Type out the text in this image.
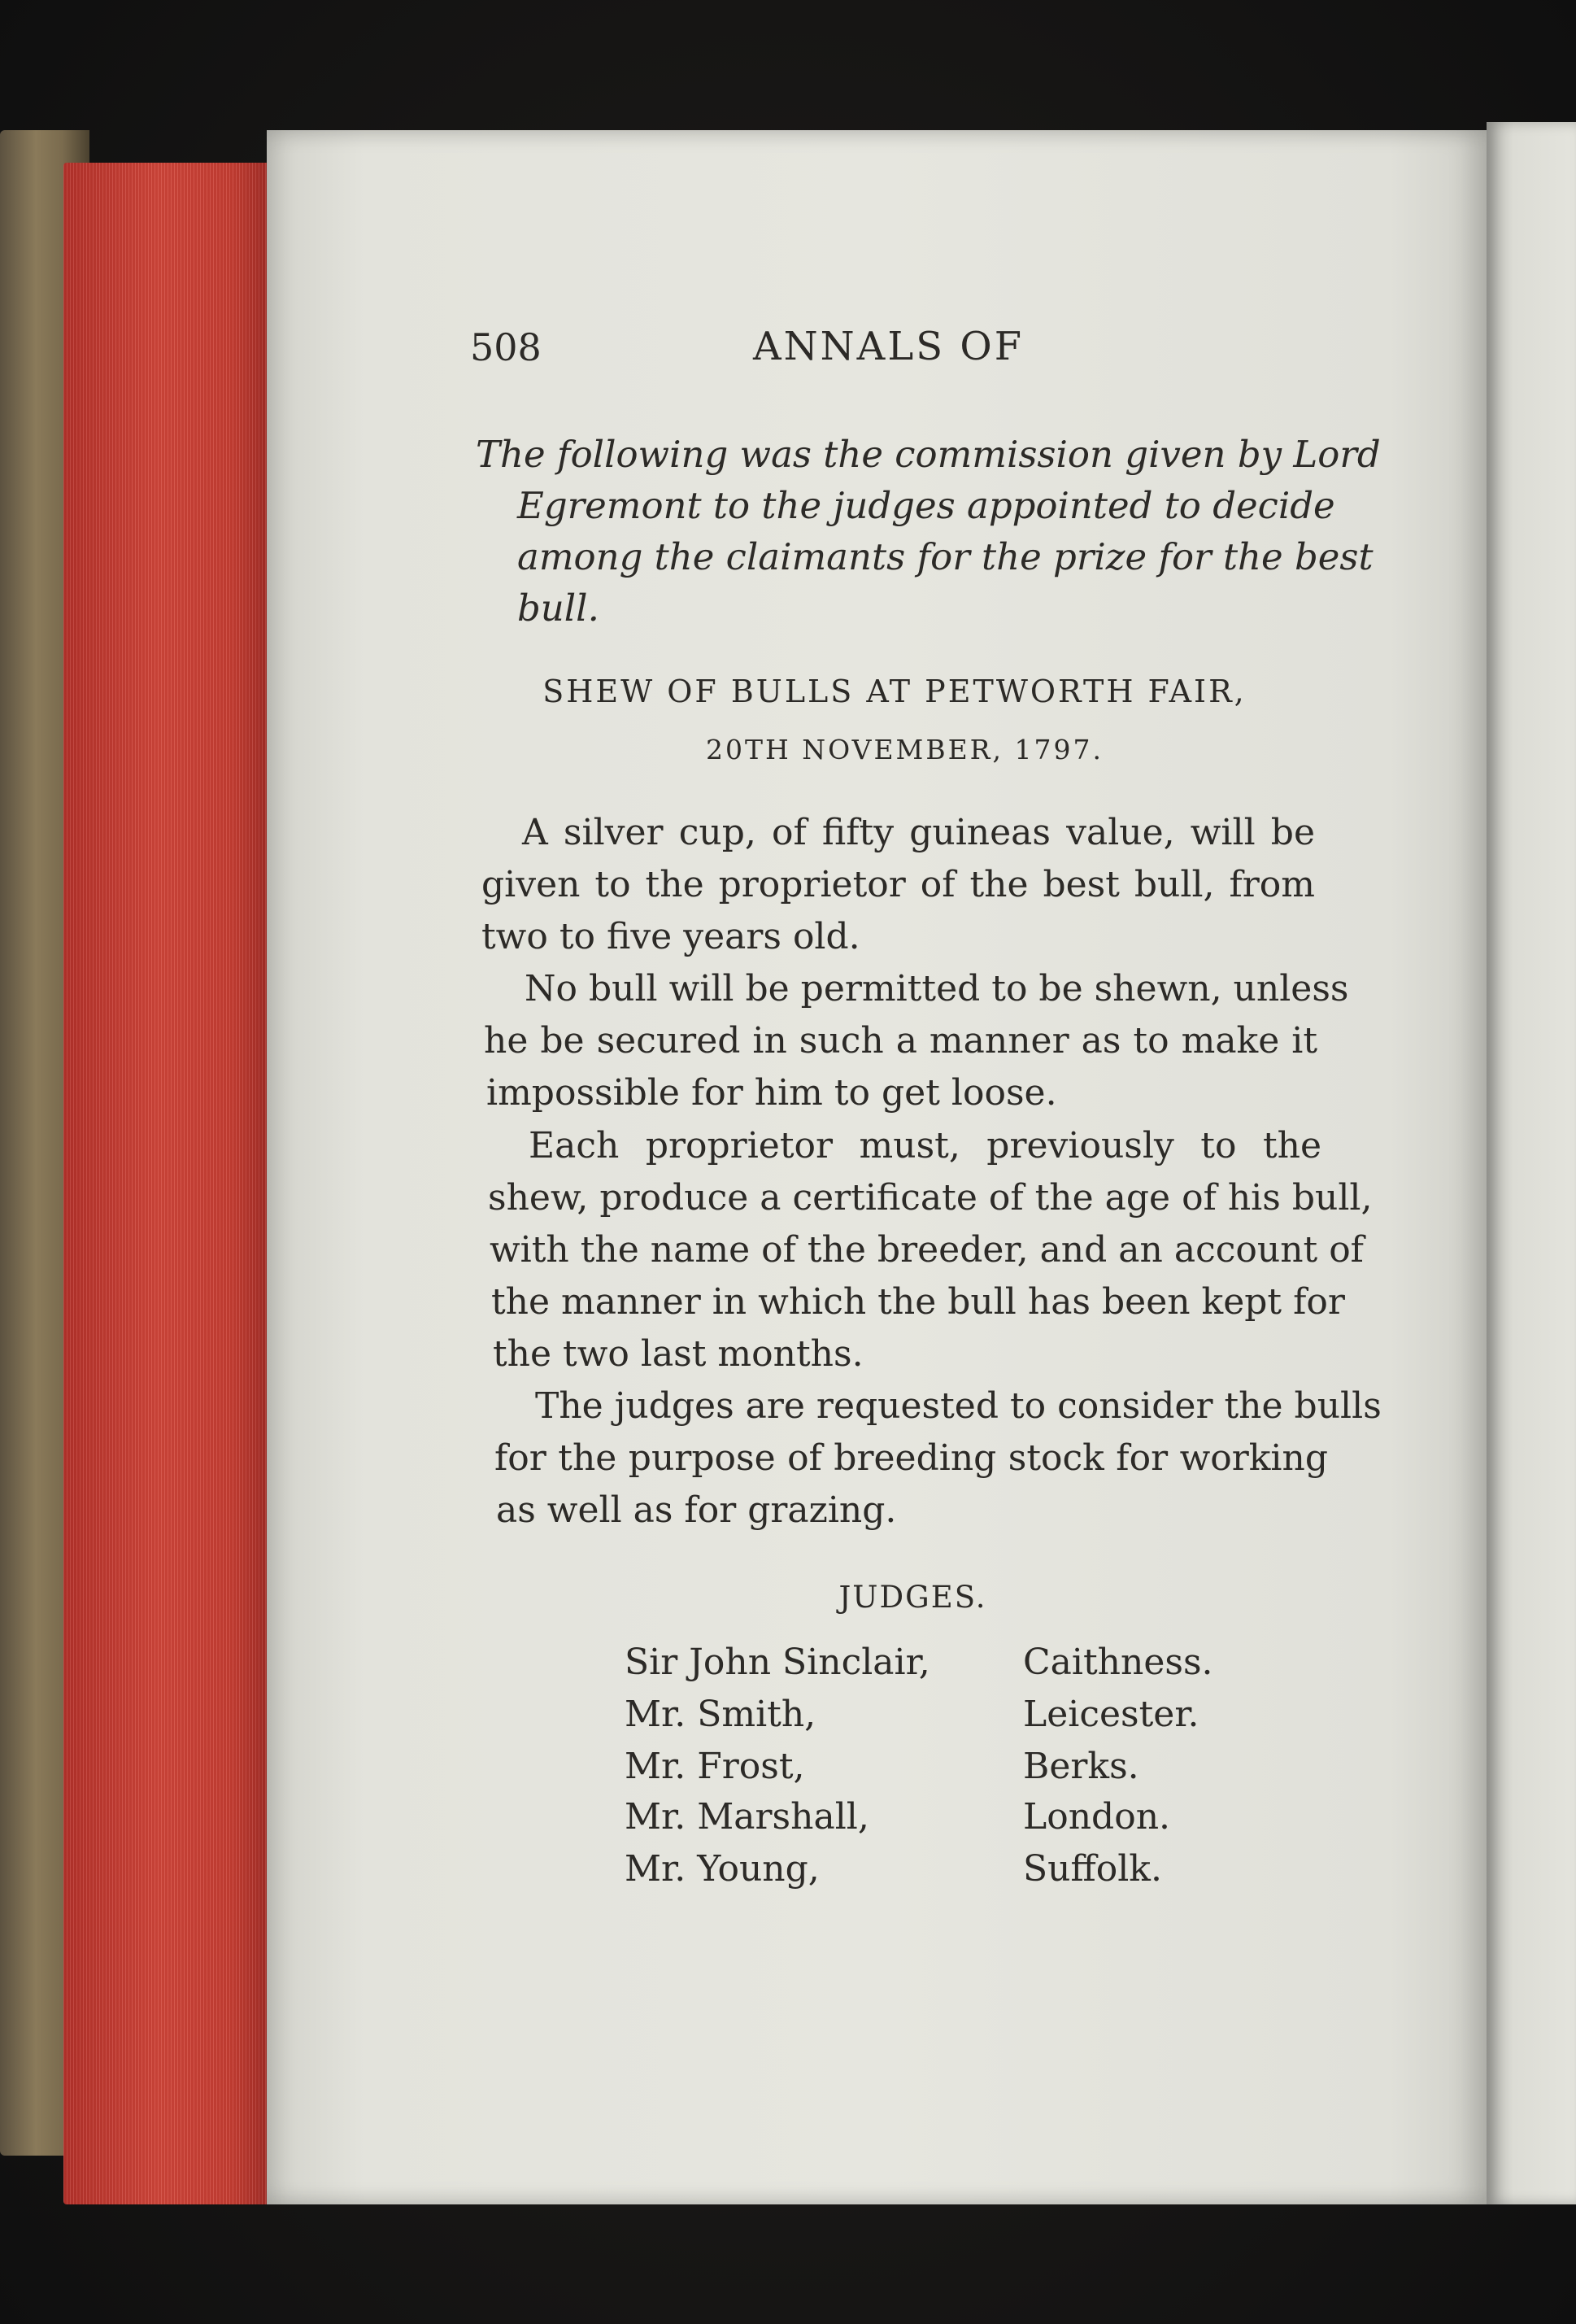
508	ANNALS OF
The following was the commission given by Lord
Egremont to the judges appointed to decide
among the claimants for the prize for the best
bull.
SHEW OF BULLS AT PETWORTH FAIR,
20TH NOVEMBER, 1797.
A silver cup, of fifty guineas value, will be
given to the proprietor of the best bull, from
two to five years old.
No bull will be permitted to be shewn, unless
he be secured in such a manner as to make it
impossible for him to get loose.
Each proprietor must, previously to the
shew, produce a certificate of the age of his bull,
with the name of the breeder, and an account of
the manner in which the bull has been kept for
the two last months.
The judges are requested to consider the bulls
for the purpose of breeding stock for working
as well as for grazing.
JUDGES.
Sir John Sinclair,	Caithness.
Mr. Smith,	Leicester.
Mr. Frost,	Berks.
Mr. Marshall,	London.
Mr. Young,	Suffolk.
